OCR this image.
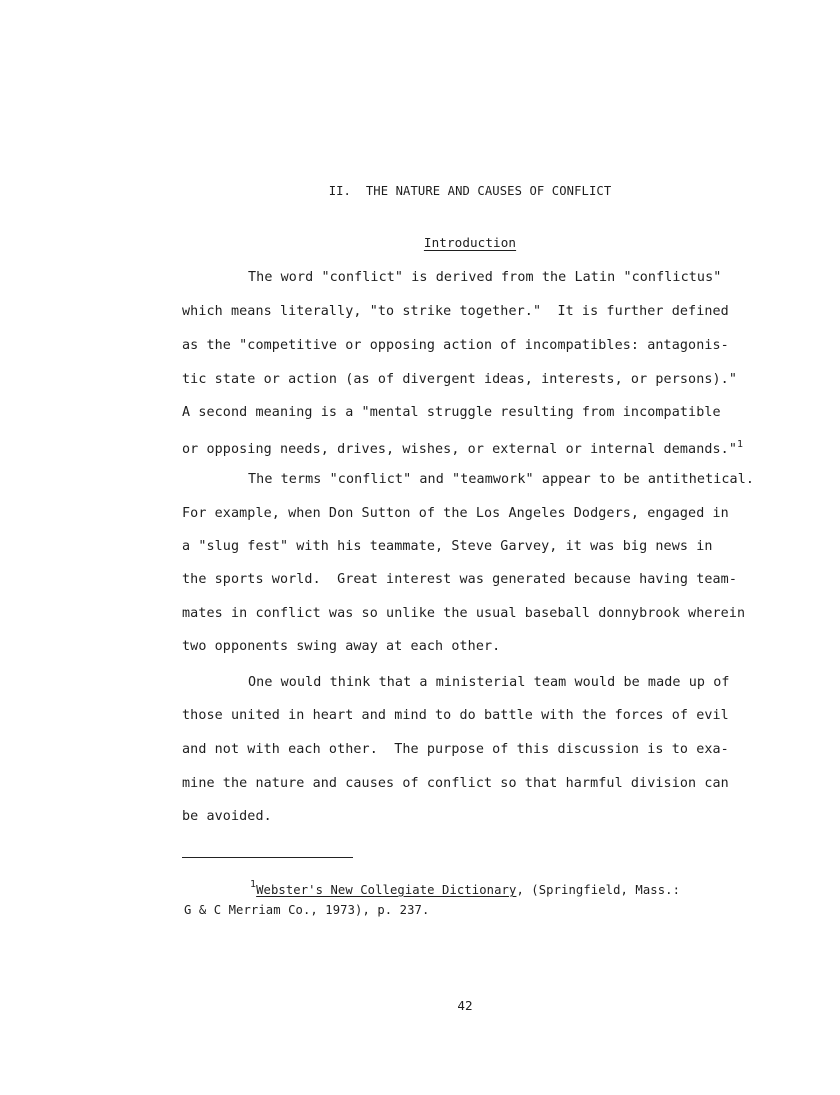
II.  THE NATURE AND CAUSES OF CONFLICT
Introduction
The word "conflict" is derived from the Latin "conflictus"
which means literally, "to strike together."  It is further defined
as the "competitive or opposing action of incompatibles: antagonis-
tic state or action (as of divergent ideas, interests, or persons)."
A second meaning is a "mental struggle resulting from incompatible
or opposing needs, drives, wishes, or external or internal demands."$^1$
The terms "conflict" and "teamwork" appear to be antithetical.
For example, when Don Sutton of the Los Angeles Dodgers, engaged in
a "slug fest" with his teammate, Steve Garvey, it was big news in
the sports world.  Great interest was generated because having team-
mates in conflict was so unlike the usual baseball donnybrook wherein
two opponents swing away at each other.
One would think that a ministerial team would be made up of
those united in heart and mind to do battle with the forces of evil
and not with each other.  The purpose of this discussion is to exa-
mine the nature and causes of conflict so that harmful division can
be avoided.
$^1$Webster's New Collegiate Dictionary, (Springfield, Mass.:
G & C Merriam Co., 1973), p. 237.
42
